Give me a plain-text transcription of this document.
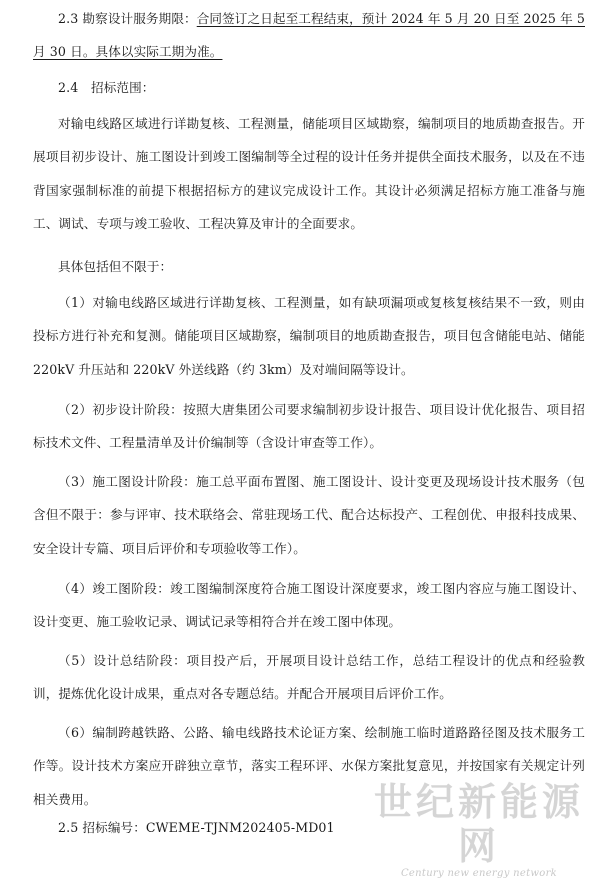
2.3 勘察设计服务期限：合同签订之日起至工程结束，预计 2024 年 5 月 20 日至 2025 年 5 月 30 日。具体以实际工期为准。

2.4　招标范围：

对输电线路区域进行详勘复核、工程测量，储能项目区域勘察，编制项目的地质勘查报告。开展项目初步设计、施工图设计到竣工图编制等全过程的设计任务并提供全面技术服务，以及在不违背国家强制标准的前提下根据招标方的建议完成设计工作。其设计必须满足招标方施工准备与施工、调试、专项与竣工验收、工程决算及审计的全面要求。

具体包括但不限于：

（1）对输电线路区域进行详勘复核、工程测量，如有缺项漏项或复核复核结果不一致，则由投标方进行补充和复测。储能项目区域勘察，编制项目的地质勘查报告，项目包含储能电站、储能 220kV 升压站和 220kV 外送线路（约 3km）及对端间隔等设计。

（2）初步设计阶段：按照大唐集团公司要求编制初步设计报告、项目设计优化报告、项目招标技术文件、工程量清单及计价编制等（含设计审查等工作）。

（3）施工图设计阶段：施工总平面布置图、施工图设计、设计变更及现场设计技术服务（包含但不限于：参与评审、技术联络会、常驻现场工代、配合达标投产、工程创优、申报科技成果、安全设计专篇、项目后评价和专项验收等工作）。

（4）竣工图阶段：竣工图编制深度符合施工图设计深度要求，竣工图内容应与施工图设计、设计变更、施工验收记录、调试记录等相符合并在竣工图中体现。

（5）设计总结阶段：项目投产后，开展项目设计总结工作，总结工程设计的优点和经验教训，提炼优化设计成果，重点对各专题总结。并配合开展项目后评价工作。

（6）编制跨越铁路、公路、输电线路技术论证方案、绘制施工临时道路路径图及技术服务工作等。设计技术方案应开辟独立章节，落实工程环评、水保方案批复意见，并按国家有关规定计列相关费用。

2.5 招标编号：CWEME-TJNM202405-MD01

世纪新能源网
Century new energy network
